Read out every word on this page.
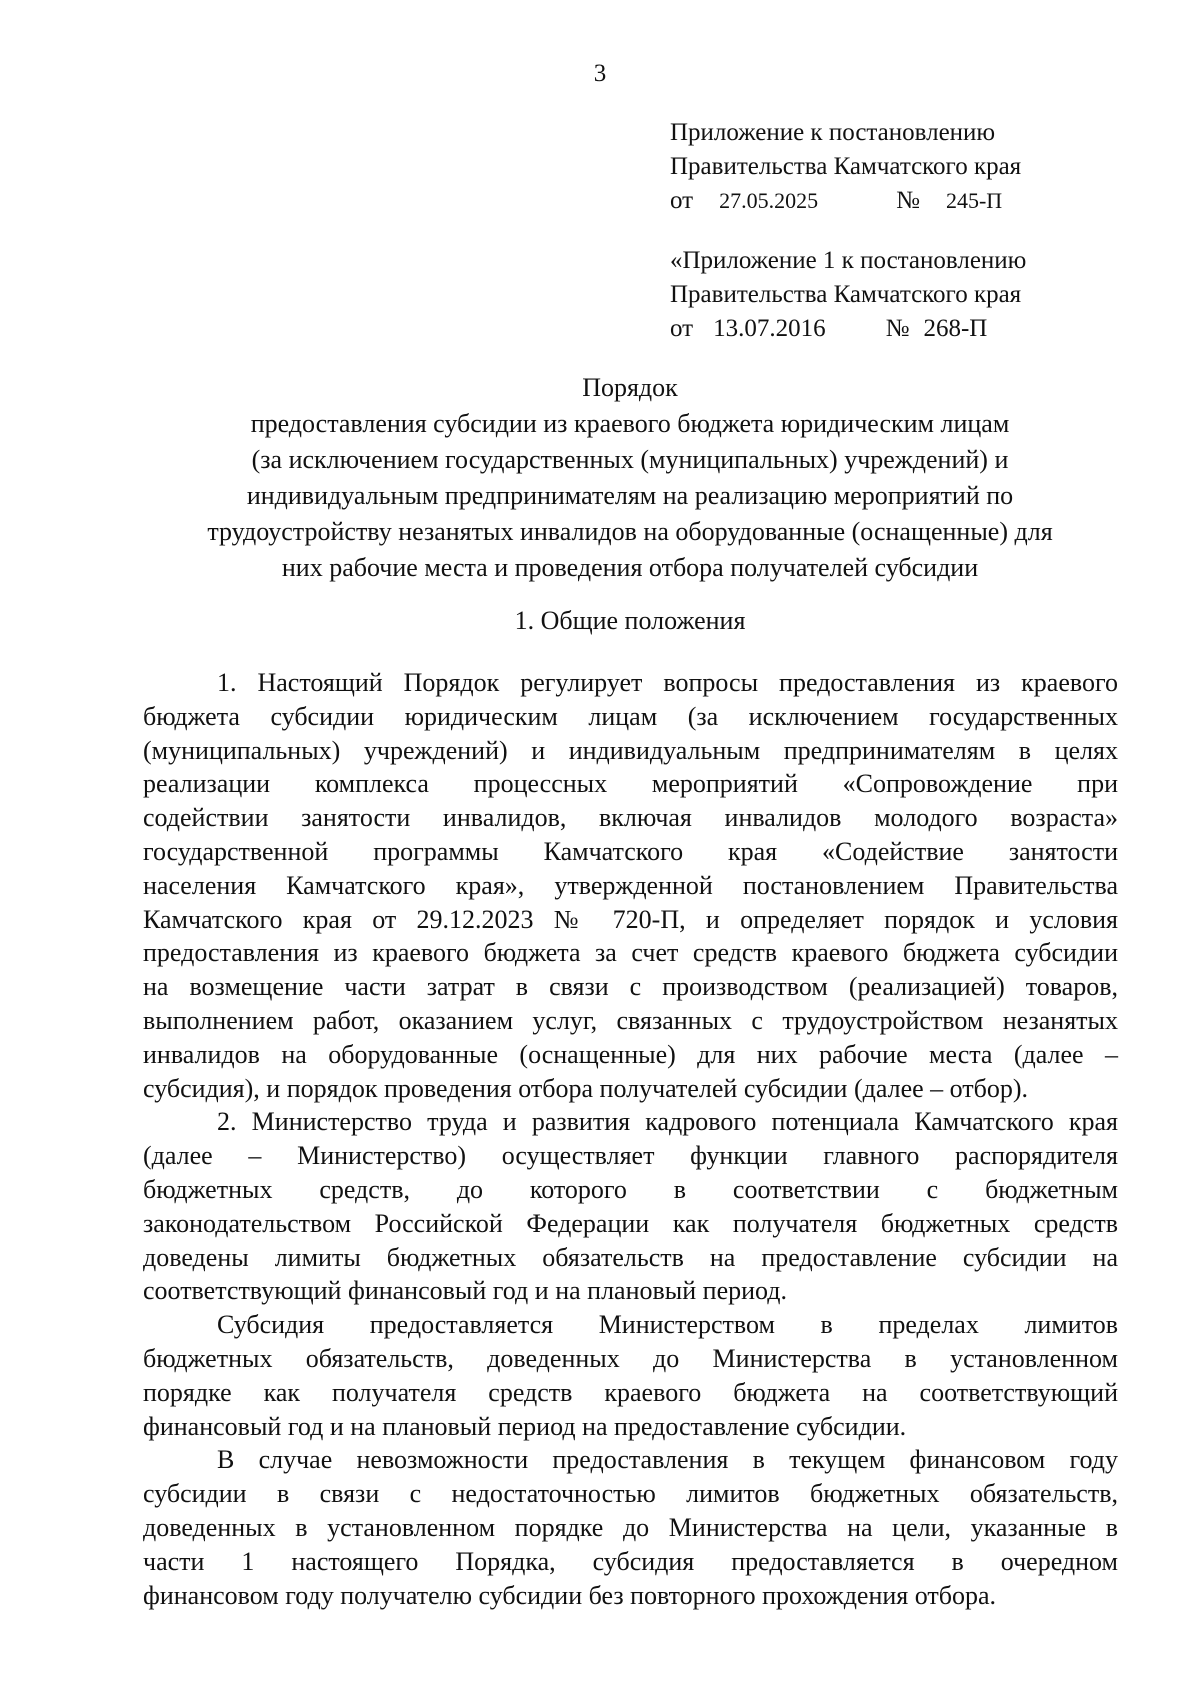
3
Приложение к постановлению
Правительства Камчатского края
от 27.05.2025	№ 245-П
«Приложение 1 к постановлению
Правительства Камчатского края
от 13.07.2016 № 268-П
Порядок
предоставления субсидии из краевого бюджета юридическим лицам
(за исключением государственных (муниципальных) учреждений) и
индивидуальным предпринимателям на реализацию мероприятий по
трудоустройству незанятых инвалидов на оборудованные (оснащенные) для
них рабочие места и проведения отбора получателей субсидии
1. Общие положения
1. Настоящий Порядок регулирует вопросы предоставления из краевого
бюджета субсидии юридическим лицам (за исключением государственных
(муниципальных) учреждений) и индивидуальным предпринимателям в целях
реализации комплекса процессных мероприятий «Сопровождение при
содействии занятости инвалидов, включая инвалидов молодого возраста»
государственной программы Камчатского края «Содействие занятости
населения Камчатского края», утвержденной постановлением Правительства
Камчатского края от 29.12.2023 № 720-П, и определяет порядок и условия
предоставления из краевого бюджета за счет средств краевого бюджета субсидии
на возмещение части затрат в связи с производством (реализацией) товаров,
выполнением работ, оказанием услуг, связанных с трудоустройством незанятых
инвалидов на оборудованные (оснащенные) для них рабочие места (далее –
субсидия), и порядок проведения отбора получателей субсидии (далее – отбор).
2. Министерство труда и развития кадрового потенциала Камчатского края
(далее – Министерство) осуществляет функции главного распорядителя
бюджетных средств, до которого в соответствии с бюджетным
законодательством Российской Федерации как получателя бюджетных средств
доведены лимиты бюджетных обязательств на предоставление субсидии на
соответствующий финансовый год и на плановый период.
Субсидия предоставляется Министерством в пределах лимитов
бюджетных обязательств, доведенных до Министерства в установленном
порядке как получателя средств краевого бюджета на соответствующий
финансовый год и на плановый период на предоставление субсидии.
В случае невозможности предоставления в текущем финансовом году
субсидии в связи с недостаточностью лимитов бюджетных обязательств,
доведенных в установленном порядке до Министерства на цели, указанные в
части 1 настоящего Порядка, субсидия предоставляется в очередном
финансовом году получателю субсидии без повторного прохождения отбора.
